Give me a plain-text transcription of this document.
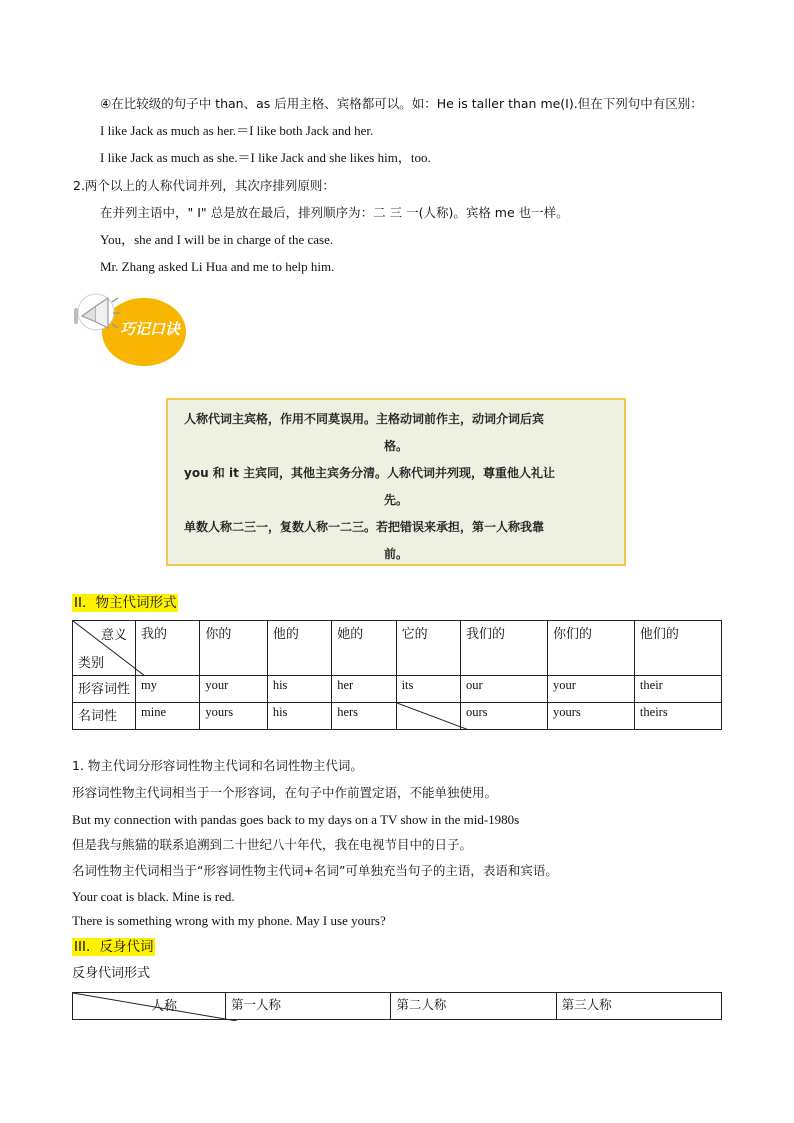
④在比较级的句子中 than、as 后用主格、宾格都可以。如：He is taller than me(I).但在下列句中有区别：
I like Jack as much as her.＝I like both Jack and her.
I like Jack as much as she.＝I like Jack and she likes him，too.
2.两个以上的人称代词并列，其次序排列原则：
在并列主语中，" I" 总是放在最后，排列顺序为：二 三 一(人称)。宾格 me 也一样。
You，she and I will be in charge of the case.
Mr. Zhang asked Li Hua and me to help him.
巧记口诀
人称代词主宾格，作用不同莫误用。主格动词前作主，动词介词后宾
格。
you 和 it 主宾同，其他主宾务分清。人称代词并列现，尊重他人礼让
先。
单数人称二三一，复数人称一二三。若把错误来承担，第一人称我靠
前。
II．物主代词形式
意义
类别	我的	你的	他的	她的	它的	我们的	你们的	他们的
形容词性	my	your	his	her	its	our	your	their
名词性	mine	yours	his	hers		ours	yours	theirs
1. 物主代词分形容词性物主代词和名词性物主代词。
形容词性物主代词相当于一个形容词，在句子中作前置定语，不能单独使用。
But my connection with pandas goes back to my days on a TV show in the mid-1980s
但是我与熊猫的联系追溯到二十世纪八十年代，我在电视节目中的日子。
名词性物主代词相当于“形容词性物主代词+名词”可单独充当句子的主语，表语和宾语。
Your coat is black. Mine is red.
There is something wrong with my phone. May I use yours?
III．反身代词
反身代词形式
人称	第一人称	第二人称	第三人称
